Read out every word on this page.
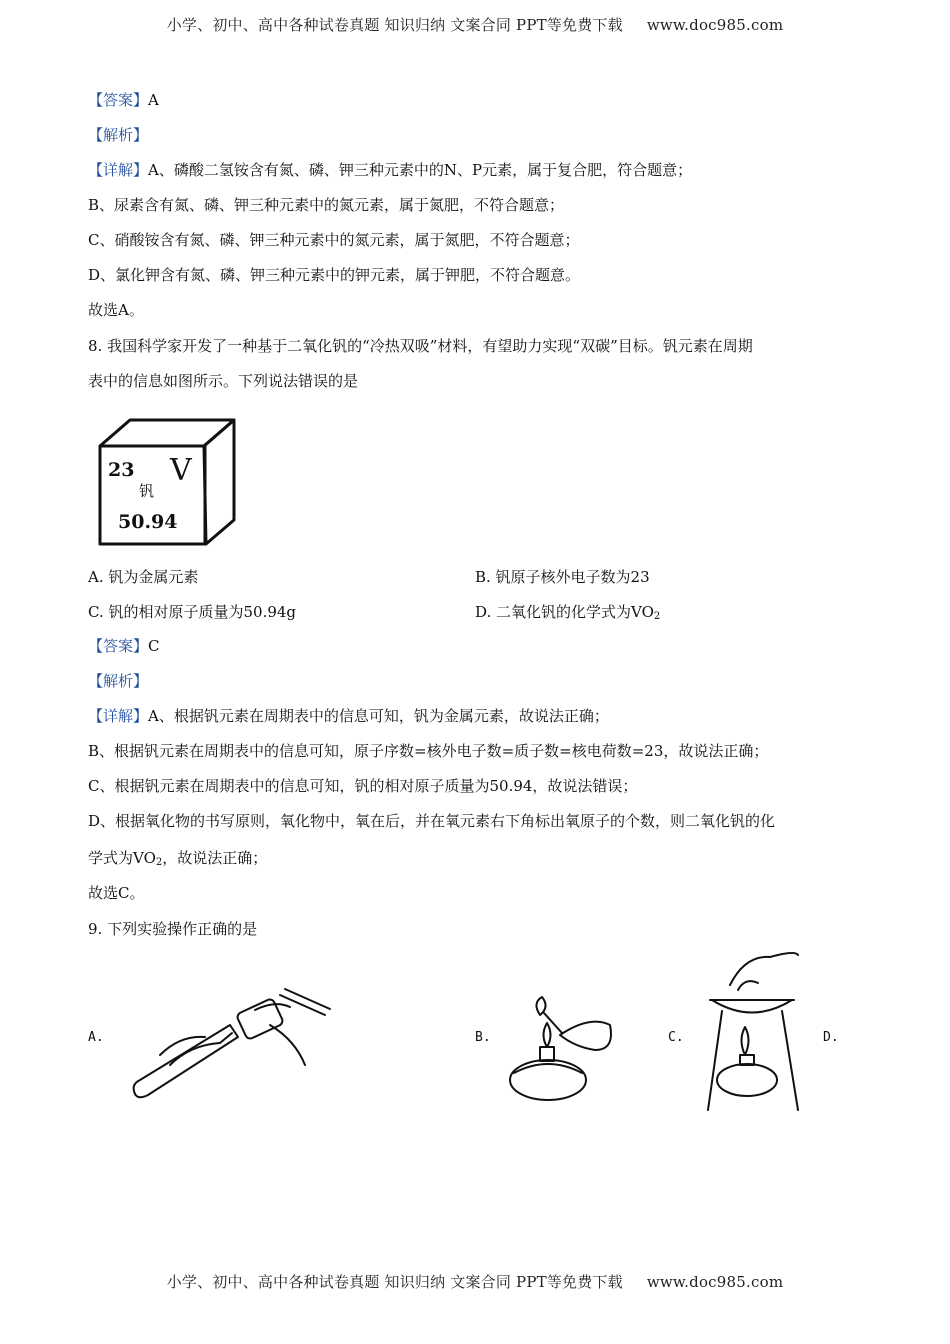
小学、初中、高中各种试卷真题 知识归纳 文案合同 PPT等免费下载 www.doc985.com
【答案】A
【解析】
【详解】A、磷酸二氢铵含有氮、磷、钾三种元素中的N、P元素，属于复合肥，符合题意；
B、尿素含有氮、磷、钾三种元素中的氮元素，属于氮肥，不符合题意；
C、硝酸铵含有氮、磷、钾三种元素中的氮元素，属于氮肥，不符合题意；
D、氯化钾含有氮、磷、钾三种元素中的钾元素，属于钾肥，不符合题意。
故选A。
8. 我国科学家开发了一种基于二氧化钒的“冷热双吸”材料，有望助力实现“双碳”目标。钒元素在周期
表中的信息如图所示。下列说法错误的是
23 V
钒
50.94
A. 钒为金属元素	B. 钒原子核外电子数为23
C. 钒的相对原子质量为50.94g	D. 二氧化钒的化学式为$VO_2$
【答案】C
【解析】
【详解】A、根据钒元素在周期表中的信息可知，钒为金属元素，故说法正确；
B、根据钒元素在周期表中的信息可知，原子序数=核外电子数=质子数=核电荷数=23，故说法正确；
C、根据钒元素在周期表中的信息可知，钒的相对原子质量为50.94，故说法错误；
D、根据氧化物的书写原则，氧化物中，氧在后，并在氧元素右下角标出氧原子的个数，则二氧化钒的化
学式为$VO_2$，故说法正确；
故选C。
9. 下列实验操作正确的是
A.	B.	C.	D.
小学、初中、高中各种试卷真题 知识归纳 文案合同 PPT等免费下载 www.doc985.com
